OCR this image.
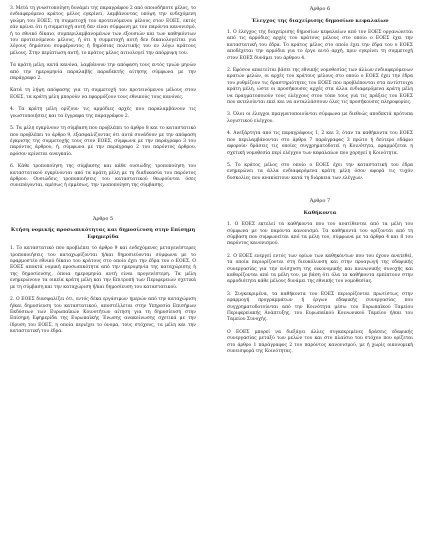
3. Μετά τη γνωστοποίηση δυνάμει της παραγράφου 2 από οποιοδήποτε μέλος, το ενδιαφερόμενο κράτος μέλος εγκρίνει, λαμβάνοντας υπόψη την ενδεχόμενη γνώμη του ΕΟΕΣ, τη συμμετοχή του προτεινόμενου μέλους στον ΕΟΕΣ, εκτός εάν κρίνει ότι η συμμετοχή αυτή δεν είναι σύμφωνη με τον παρόντα κανονισμό, ή το εθνικό δίκαιο, συμπεριλαμβανομένων των εξουσιών και των καθηκόντων του προτεινόμενου μέλους, ή ότι η συμμετοχή αυτή δεν δικαιολογείται για λόγους δημόσιου συμφέροντος ή δημόσιας πολιτικής του εν λόγω κράτους μέλους. Στην περίπτωση αυτή, το κράτος μέλος αιτιολογεί την απόρριψη του.

Τα κράτη μέλη, κατά κανόνα, λαμβάνουν την απόφαση τους εντός τριών μηνών από την ημερομηνία παραλαβής παραδεκτής αίτησης σύμφωνα με την παράγραφο 2.

Κατά τη λήψη απόφασης για τη συμμετοχή του προτεινόμενου μέλους στον ΕΟΕΣ, τα κράτη μέλη μπορούν να εφαρμόζουν τους εθνικούς τους κανόνες.

4. Τα κράτη μέλη ορίζουν τις αρμόδιες αρχές που παραλαμβάνουν τις γνωστοποιήσεις και τα έγγραφα της παραγράφου 2.

5. Τα μέλη εγκρίνουν τη σύμβαση που προβλέπει το άρθρο 8 και το καταστατικό που προβλέπει το άρθρο 9, εξασφαλίζοντας ότι αυτά συνάδουν με την απόφαση έγκρισης της συμμετοχής τους στον ΕΟΕΣ, σύμφωνα με την παράγραφο 3 του παρόντος άρθρου, ή, σύμφωνα με την παράγραφο 2 του παρόντος άρθρου, εφόσον κρίνεται αναγκαίο.

6. Κάθε τροποποίηση της σύμβασης και κάθε ουσιώδης τροποποίηση του καταστατικού εγκρίνονται από τα κράτη μέλη με τη διαδικασία του παρόντος άρθρου. Ουσιώδεις τροποποιήσεις του καταστατικού θεωρούνται όσες συνεπάγονται, αμέσως ή εμμέσως, την τροποποίηση της σύμβασης.

Άρθρο 5

Κτήση νομικής προσωπικότητας και δημοσίευση στην Επίσημη Εφημερίδα

1. Το καταστατικό που προβλέπει το άρθρο 9 και ενδεχόμενες μεταγενέστερες τροποποιήσεις του καταχωρίζονται ή/και δημοσιεύονται σύμφωνα με το εφαρμοστέο εθνικό δίκαιο του κράτους στο οποίο έχει την έδρα του ο ΕΟΕΣ. Ο ΕΟΕΣ αποκτά νομική προσωπικότητα από την ημερομηνία της καταχώρισης ή της δημοσίευσης, όποια ημερομηνία αυτή είναι προγενέστερη. Τα μέλη ενημερώνουν τα οικεία κράτη μέλη και την Επιτροπή των Περιφερειών σχετικά με τη σύμβαση και την καταχώριση ή/και δημοσίευση του καταστατικού.

2. Ο ΕΟΕΣ διασφαλίζει ότι, εντός δέκα εργάσιμων ημερών από την καταχώριση ή/και δημοσίευση του καταστατικού, αποστέλλεται στην Υπηρεσία Επισήμων Εκδόσεων των Ευρωπαϊκών Κοινοτήτων αίτηση για τη δημοσίευση στην Επίσημη Εφημερίδα της Ευρωπαϊκής Ένωσης ανακοίνωσης σχετικά με την ίδρυση του ΕΟΕΣ, η οποία περιέχει το όνομα, τους στόχους, τα μέλη και την καταστατική του έδρα.

Άρθρο 6

Έλεγχος της διαχείρισης δημοσίων κεφαλαίων

1. Ο έλεγχος της διαχείρισης δημοσίων κεφαλαίων από τον ΕΟΕΣ οργανώνεται από τις αρμόδιες αρχές του κράτους μέλους στο οποίο ο ΕΟΕΣ έχει την καταστατική του έδρα. Το κράτος μέλος στο οποίο έχει την έδρα του ο ΕΟΕΣ αποδέχεται την αρμόδια για το έργο αυτό αρχή, πριν εγκρίνει τη συμμετοχή στον ΕΟΕΣ δυνάμει του άρθρου 4.

2. Εφόσον απαιτείται βάσει της εθνικής νομοθεσίας των άλλων ενδιαφερόμενων κρατών μελών, οι αρχές του κράτους μέλους στο οποίο ο ΕΟΕΣ έχει την έδρα του ρυθμίζουν τις δραστηριότητες του ΕΟΕΣ που προβλέπονται στα αντίστοιχα κράτη μέλη, ώστε οι προσήκουσες αρχές στα άλλα ενδιαφερόμενα κράτη μέλη να πραγματοποιούν τους ελέγχους στον τόπο τους για τις πράξεις του ΕΟΕΣ που εκτελούνται εκεί και να ανταλλάσσουν όλες τις προσήκουσες πληροφορίες.

3. Όλοι οι έλεγχοι πραγματοποιούνται σύμφωνα με διεθνώς αποδεκτά πρότυπα λογιστικού ελέγχου.

4. Ανεξάρτητα από τις παραγράφους 1, 2 και 3, όταν τα καθήκοντα του ΕΟΕΣ που περιλαμβάνονται στο άρθρο 7 παράγραφος 3 πρώτο ή δεύτερο εδάφιο αφορούν δράσεις τις οποίες συγχρηματοδοτεί η Κοινότητα, εφαρμόζεται η σχετική νομοθεσία περί ελέγχου των κεφαλαίων που χορηγεί η Κοινότητα.

5. Το κράτος μέλος στο οποίο ο ΕΟΕΣ έχει την καταστατική του έδρα ενημερώνει τα άλλα ενδιαφερόμενα κράτη μέλη όσον αφορά τις τυχόν δυσκολίες που ανακύπτουν κατά τη διάρκεια των ελέγχων.

Άρθρο 7

Καθήκοντα

1. Ο ΕΟΕΣ εκτελεί τα καθήκοντα που του ανατίθενται από τα μέλη του σύμφωνα με τον παρόντα κανονισμό. Τα καθήκοντά του ορίζονται από τη σύμβαση που συμφωνείται από τα μέλη του, σύμφωνα με τα άρθρα 4 και 8 του παρόντος κανονισμού.

2. Ο ΕΟΕΣ ενεργεί εντός των ορίων των καθηκόντων που του έχουν ανατεθεί, τα οποία περιορίζονται στη διευκόλυνση και στην προαγωγή της εδαφικής συνεργασίας για την ενίσχυση της οικονομικής και κοινωνικής συνοχής και καθορίζονται από τα μέλη του, με βάση ότι όλα τα καθήκοντα εμπίπτουν στην αρμοδιότητα κάθε μέλους δυνάμει της εθνικής του νομοθεσίας.

3. Συγκεκριμένα, τα καθήκοντα του ΕΟΕΣ περιορίζονται πρωτίστως στην εφαρμογή προγραμμάτων ή έργων εδαφικής συνεργασίας που συγχρηματοδοτούνται από την Κοινότητα μέσω του Ευρωπαϊκού Ταμείου Περιφερειακής Ανάπτυξης, του Ευρωπαϊκού Κοινωνικού Ταμείου ή/και του Ταμείου Συνοχής.

Ο ΕΟΕΣ μπορεί να διεξάγει άλλες συγκεκριμένες δράσεις εδαφικής συνεργασίας μεταξύ των μελών του και στο πλαίσιο του στόχου που ορίζεται στο άρθρο 1 παράγραφος 2 του παρόντος κανονισμού, με ή χωρίς οικονομική συνεισφορά της Κοινότητας.
